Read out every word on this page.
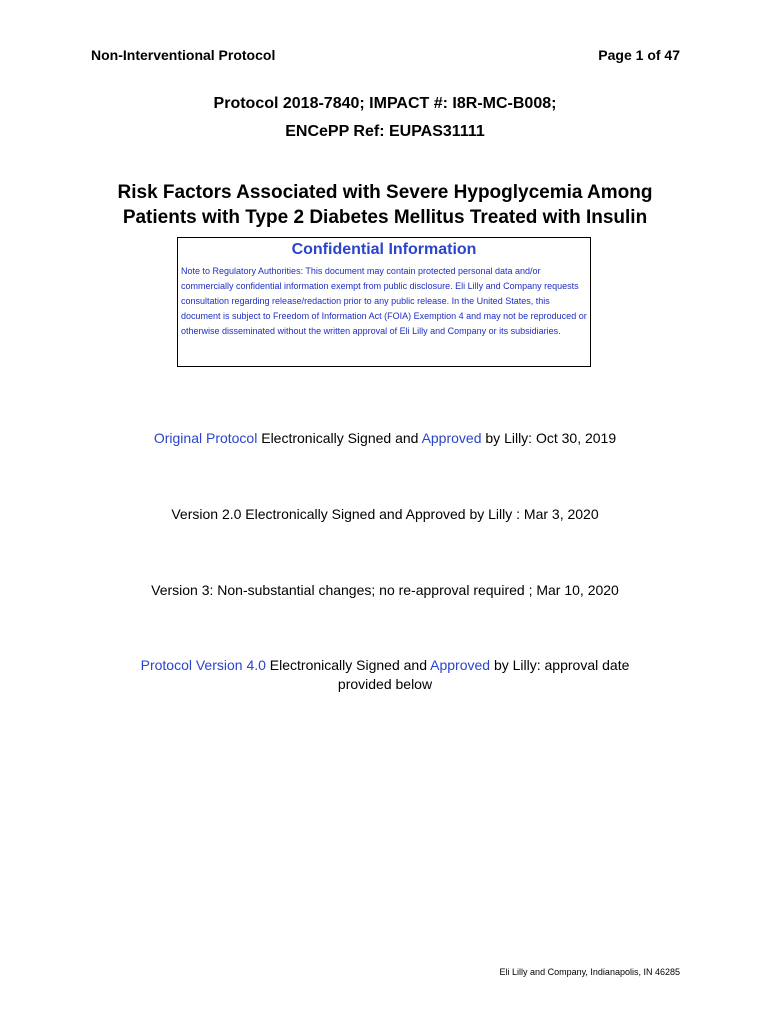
Non-Interventional Protocol	Page 1 of 47
Protocol 2018-7840; IMPACT #: I8R-MC-B008;
ENCePP Ref: EUPAS31111
Risk Factors Associated with Severe Hypoglycemia Among
Patients with Type 2 Diabetes Mellitus Treated with Insulin
Confidential Information
Note to Regulatory Authorities: This document may contain protected personal data and/or commercially confidential information exempt from public disclosure. Eli Lilly and Company requests consultation regarding release/redaction prior to any public release. In the United States, this document is subject to Freedom of Information Act (FOIA) Exemption 4 and may not be reproduced or otherwise disseminated without the written approval of Eli Lilly and Company or its subsidiaries.
Original Protocol Electronically Signed and Approved by Lilly: Oct 30, 2019
Version 2.0 Electronically Signed and Approved by Lilly : Mar 3, 2020
Version 3: Non-substantial changes; no re-approval required ; Mar 10, 2020
Protocol Version 4.0 Electronically Signed and Approved by Lilly: approval date
provided below
Eli Lilly and Company, Indianapolis, IN 46285
